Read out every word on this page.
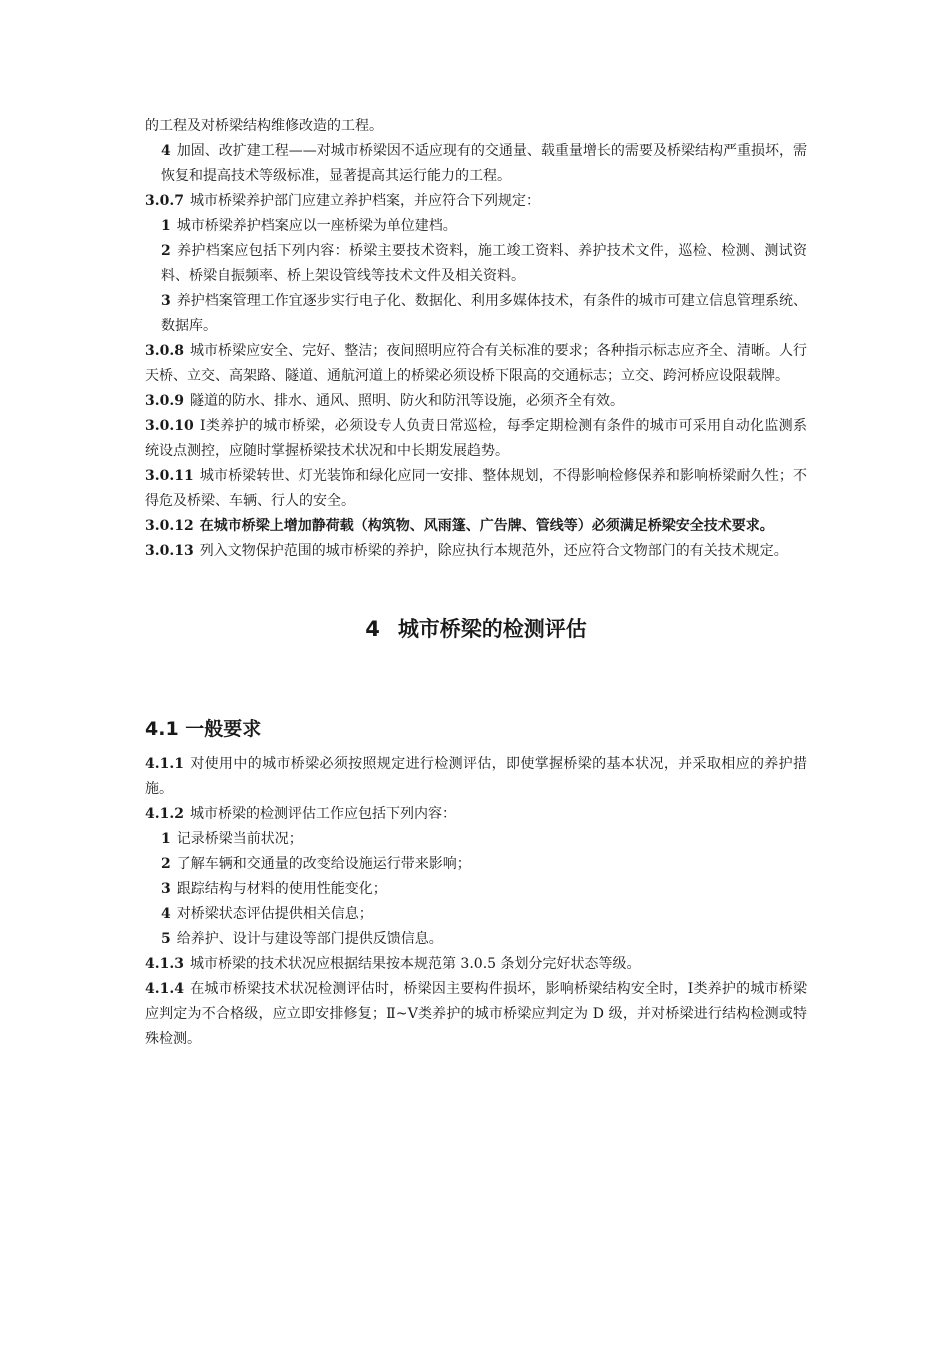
的工程及对桥梁结构维修改造的工程。

4 加固、改扩建工程——对城市桥梁因不适应现有的交通量、载重量增长的需要及桥梁结构严重损坏，需恢复和提高技术等级标准，显著提高其运行能力的工程。

3.0.7 城市桥梁养护部门应建立养护档案，并应符合下列规定：

1 城市桥梁养护档案应以一座桥梁为单位建档。

2 养护档案应包括下列内容：桥梁主要技术资料，施工竣工资料、养护技术文件，巡检、检测、测试资料、桥梁自振频率、桥上架设管线等技术文件及相关资料。

3 养护档案管理工作宜逐步实行电子化、数据化、利用多媒体技术，有条件的城市可建立信息管理系统、数据库。

3.0.8 城市桥梁应安全、完好、整洁；夜间照明应符合有关标准的要求；各种指示标志应齐全、清晰。人行天桥、立交、高架路、隧道、通航河道上的桥梁必须设桥下限高的交通标志；立交、跨河桥应设限载牌。

3.0.9 隧道的防水、排水、通风、照明、防火和防汛等设施，必须齐全有效。

3.0.10 Ⅰ类养护的城市桥梁，必须设专人负责日常巡检，每季定期检测有条件的城市可采用自动化监测系统设点测控，应随时掌握桥梁技术状况和中长期发展趋势。

3.0.11 城市桥梁转世、灯光装饰和绿化应同一安排、整体规划，不得影响检修保养和影响桥梁耐久性；不得危及桥梁、车辆、行人的安全。

3.0.12 在城市桥梁上增加静荷载（构筑物、风雨篷、广告牌、管线等）必须满足桥梁安全技术要求。

3.0.13 列入文物保护范围的城市桥梁的养护，除应执行本规范外，还应符合文物部门的有关技术规定。

4 城市桥梁的检测评估
4.1 一般要求

4.1.1 对使用中的城市桥梁必须按照规定进行检测评估，即使掌握桥梁的基本状况，并采取相应的养护措施。

4.1.2 城市桥梁的检测评估工作应包括下列内容：

1 记录桥梁当前状况；

2 了解车辆和交通量的改变给设施运行带来影响；

3 跟踪结构与材料的使用性能变化；

4 对桥梁状态评估提供相关信息；

5 给养护、设计与建设等部门提供反馈信息。

4.1.3 城市桥梁的技术状况应根据结果按本规范第 3.0.5 条划分完好状态等级。

4.1.4 在城市桥梁技术状况检测评估时，桥梁因主要构件损坏，影响桥梁结构安全时，Ⅰ类养护的城市桥梁应判定为不合格级，应立即安排修复；Ⅱ~Ⅴ类养护的城市桥梁应判定为 D 级，并对桥梁进行结构检测或特殊检测。
